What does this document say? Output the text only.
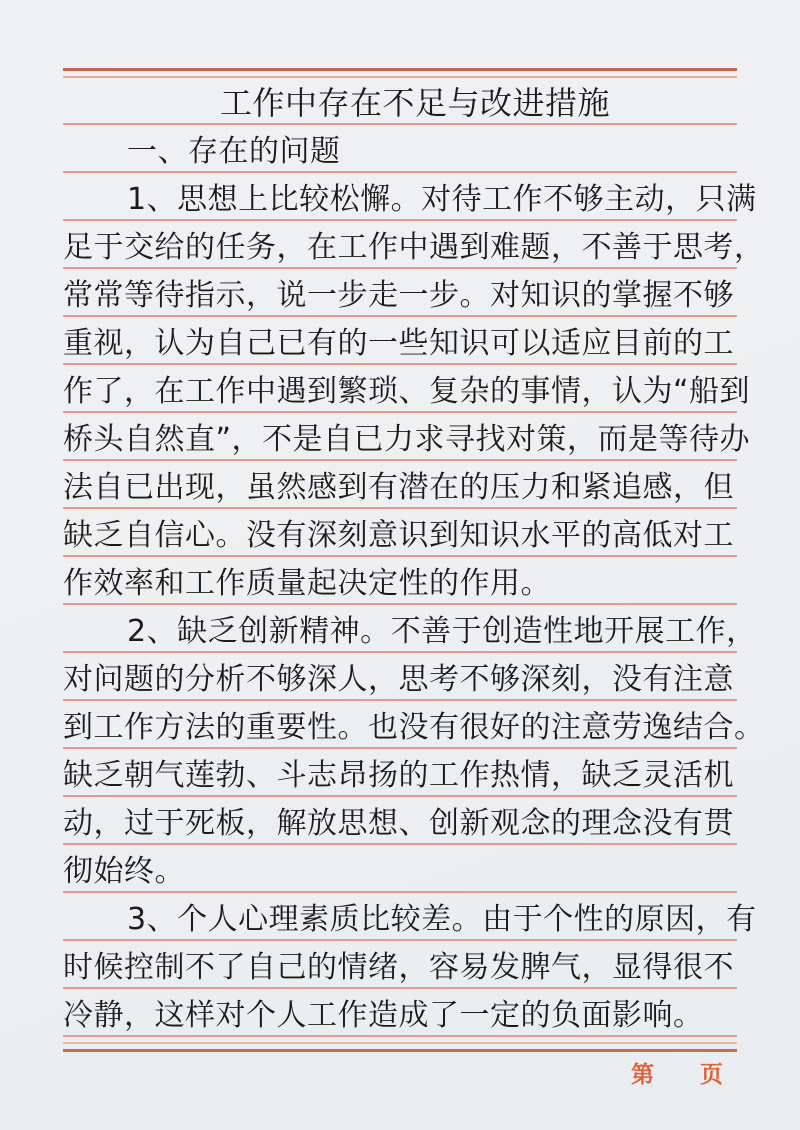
工作中存在不足与改进措施
一、存在的问题
1、思想上比较松懈。对待工作不够主动，只满
足于交给的任务，在工作中遇到难题，不善于思考，
常常等待指示，说一步走一步。对知识的掌握不够
重视，认为自己已有的一些知识可以适应目前的工
作了，在工作中遇到繁琐、复杂的事情，认为“船到
桥头自然直”，不是自已力求寻找对策，而是等待办
法自已出现，虽然感到有潜在的压力和紧追感，但
缺乏自信心。没有深刻意识到知识水平的高低对工
作效率和工作质量起决定性的作用。
2、缺乏创新精神。不善于创造性地开展工作，
对问题的分析不够深人，思考不够深刻，没有注意
到工作方法的重要性。也没有很好的注意劳逸结合。
缺乏朝气莲勃、斗志昂扬的工作热情，缺乏灵活机
动，过于死板，解放思想、创新观念的理念没有贯
彻始终。
3、个人心理素质比较差。由于个性的原因，有
时候控制不了自己的情绪，容易发脾气，显得很不
冷静，这样对个人工作造成了一定的负面影响。
第 页
